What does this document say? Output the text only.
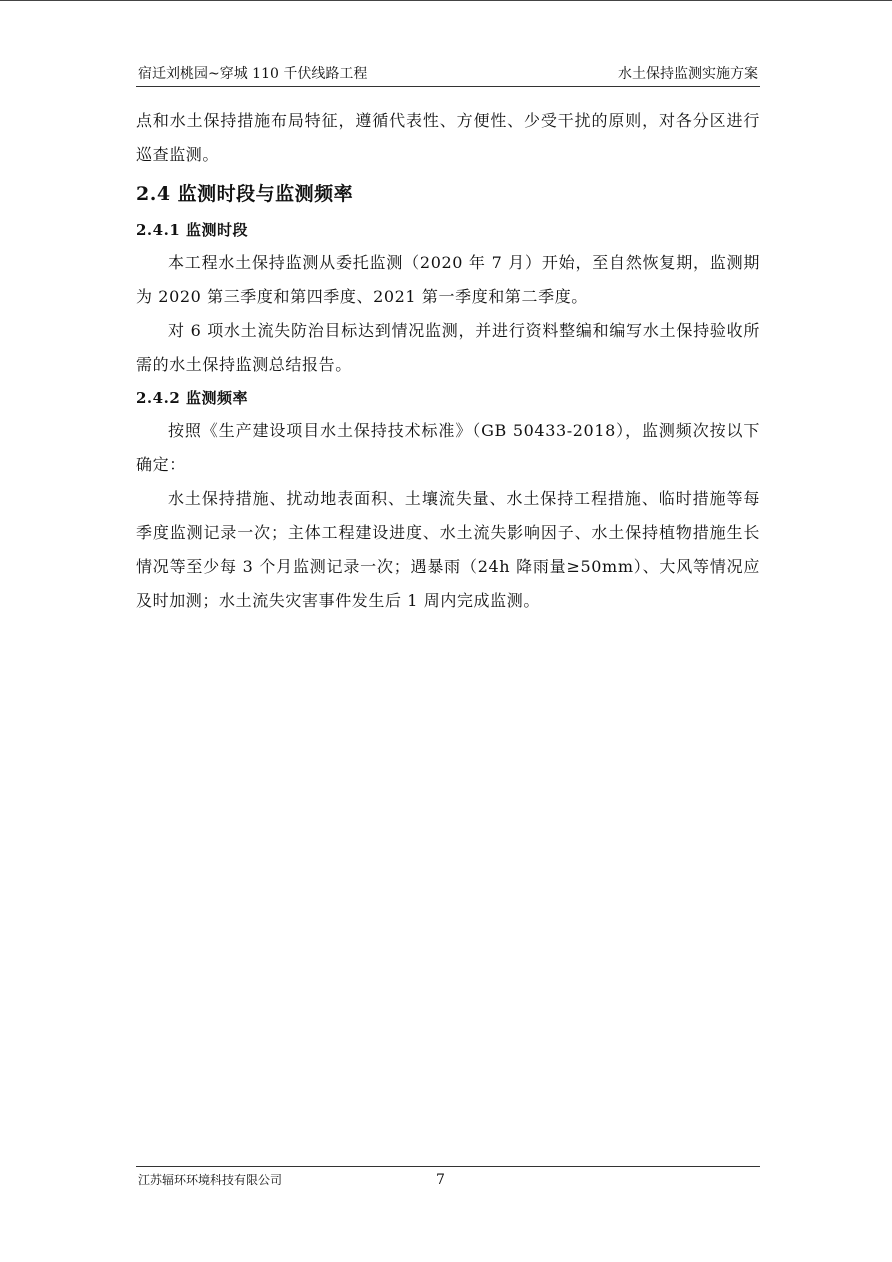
宿迁刘桃园~穿城 110 千伏线路工程	水土保持监测实施方案

点和水土保持措施布局特征，遵循代表性、方便性、少受干扰的原则，对各分区进行巡查监测。

2.4 监测时段与监测频率
2.4.1 监测时段

本工程水土保持监测从委托监测（2020 年 7 月）开始，至自然恢复期，监测期为 2020 第三季度和第四季度、2021 第一季度和第二季度。

对 6 项水土流失防治目标达到情况监测，并进行资料整编和编写水土保持验收所需的水土保持监测总结报告。

2.4.2 监测频率

按照《生产建设项目水土保持技术标准》（GB 50433-2018），监测频次按以下确定：

水土保持措施、扰动地表面积、土壤流失量、水土保持工程措施、临时措施等每季度监测记录一次；主体工程建设进度、水土流失影响因子、水土保持植物措施生长情况等至少每 3 个月监测记录一次；遇暴雨（24h 降雨量≥50mm）、大风等情况应及时加测；水土流失灾害事件发生后 1 周内完成监测。

江苏辐环环境科技有限公司	7
